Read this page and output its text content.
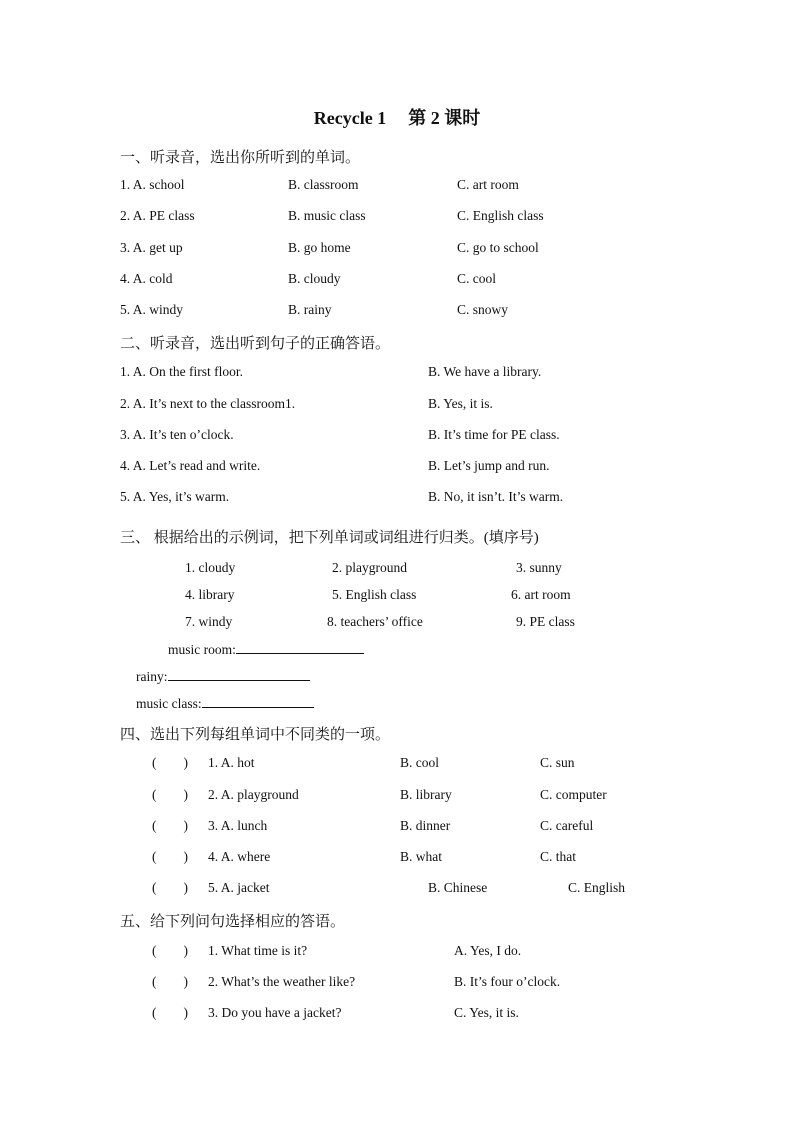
Recycle 1 第 2 课时
一、听录音，选出你所听到的单词。
1. A. school	B. classroom	C. art room
2. A. PE class	B. music class	C. English class
3. A. get up	B. go home	C. go to school
4. A. cold	B. cloudy	C. cool
5. A. windy	B. rainy	C. snowy
二、听录音，选出听到句子的正确答语。
1. A. On the first floor.	B. We have a library.
2. A. It’s next to the classroom1.	B. Yes, it is.
3. A. It’s ten o’clock.	B. It’s time for PE class.
4. A. Let’s read and write.	B. Let’s jump and run.
5. A. Yes, it’s warm.	B. No, it isn’t. It’s warm.
三、 根据给出的示例词，把下列单词或词组进行归类。(填序号)
1. cloudy	2. playground	3. sunny
4. library	5. English class	6. art room
7. windy	8. teachers’ office	9. PE class
music room:
rainy:
music class:
四、选出下列每组单词中不同类的一项。
(        ) 1. A. hot	B. cool	C. sun
(        ) 2. A. playground	B. library	C. computer
(        ) 3. A. lunch	B. dinner	C. careful
(        ) 4. A. where	B. what	C. that
(        ) 5. A. jacket	B. Chinese	C. English
五、给下列问句选择相应的答语。
(        ) 1. What time is it?	A. Yes, I do.
(        ) 2. What’s the weather like?	B. It’s four o’clock.
(        ) 3. Do you have a jacket?	C. Yes, it is.
